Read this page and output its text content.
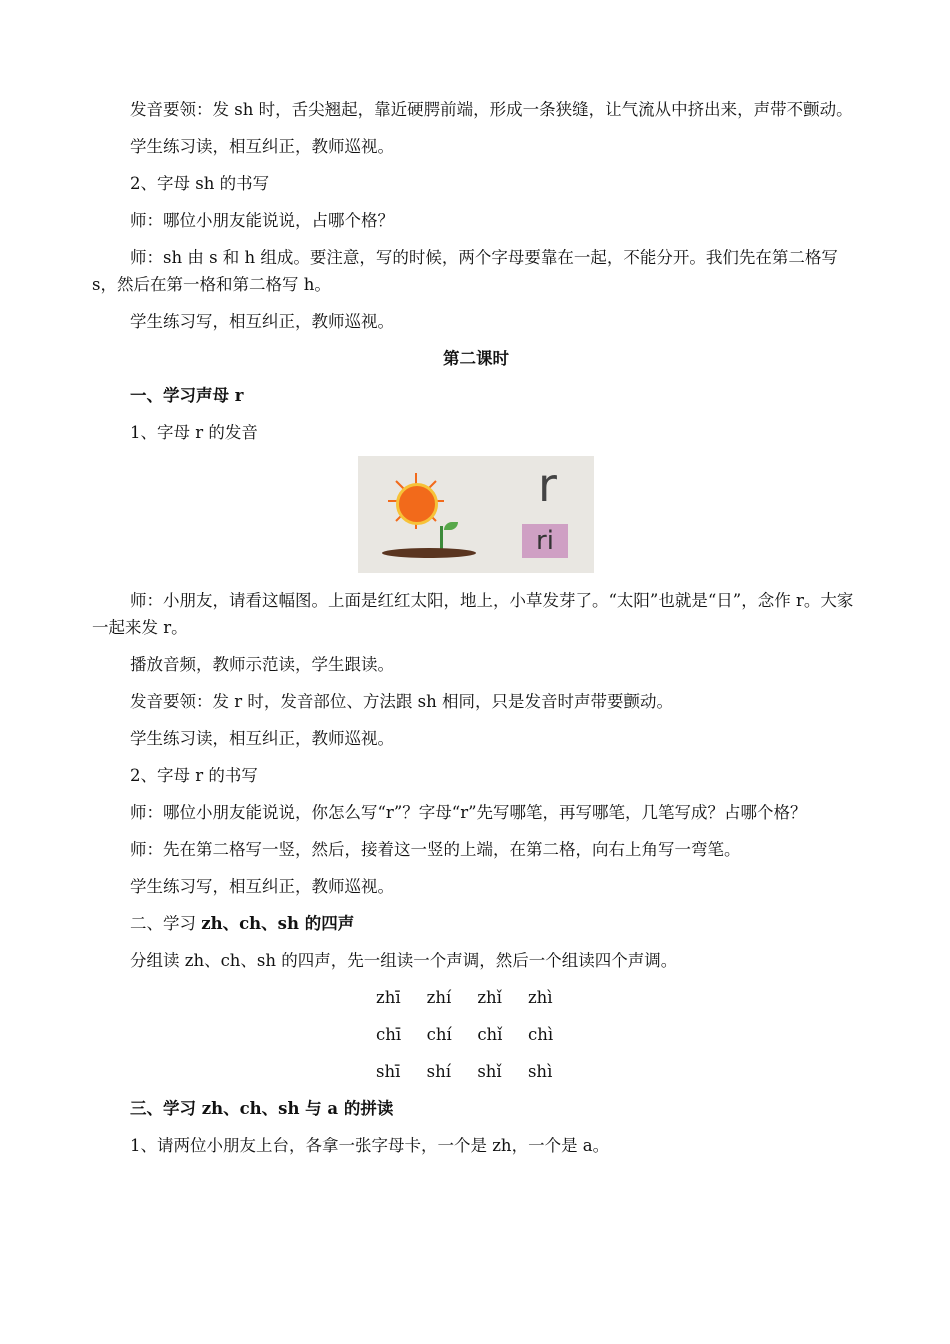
发音要领：发 sh 时，舌尖翘起，靠近硬腭前端，形成一条狭缝，让气流从中挤出来，声带不颤动。

学生练习读，相互纠正，教师巡视。

2、字母 sh 的书写

师：哪位小朋友能说说，占哪个格？

师：sh 由 s 和 h 组成。要注意，写的时候，两个字母要靠在一起，不能分开。我们先在第二格写 s，然后在第一格和第二格写 h。

学生练习写，相互纠正，教师巡视。

第二课时

一、学习声母 r

1、字母 r 的发音

r
ri

师：小朋友，请看这幅图。上面是红红太阳，地上，小草发芽了。“太阳”也就是“日”，念作 r。大家一起来发 r。

播放音频，教师示范读，学生跟读。

发音要领：发 r 时，发音部位、方法跟 sh 相同，只是发音时声带要颤动。

学生练习读，相互纠正，教师巡视。

2、字母 r 的书写

师：哪位小朋友能说说，你怎么写“r”？字母“r”先写哪笔，再写哪笔，几笔写成？占哪个格？

师：先在第二格写一竖，然后，接着这一竖的上端，在第二格，向右上角写一弯笔。

学生练习写，相互纠正，教师巡视。

二、学习 zh、ch、sh 的四声

分组读 zh、ch、sh 的四声，先一组读一个声调，然后一个组读四个声调。

zhī	zhí	zhǐ	zhì
chī	chí	chǐ	chì
shī	shí	shǐ	shì

三、学习 zh、ch、sh 与 a 的拼读

1、请两位小朋友上台，各拿一张字母卡，一个是 zh，一个是 a。
